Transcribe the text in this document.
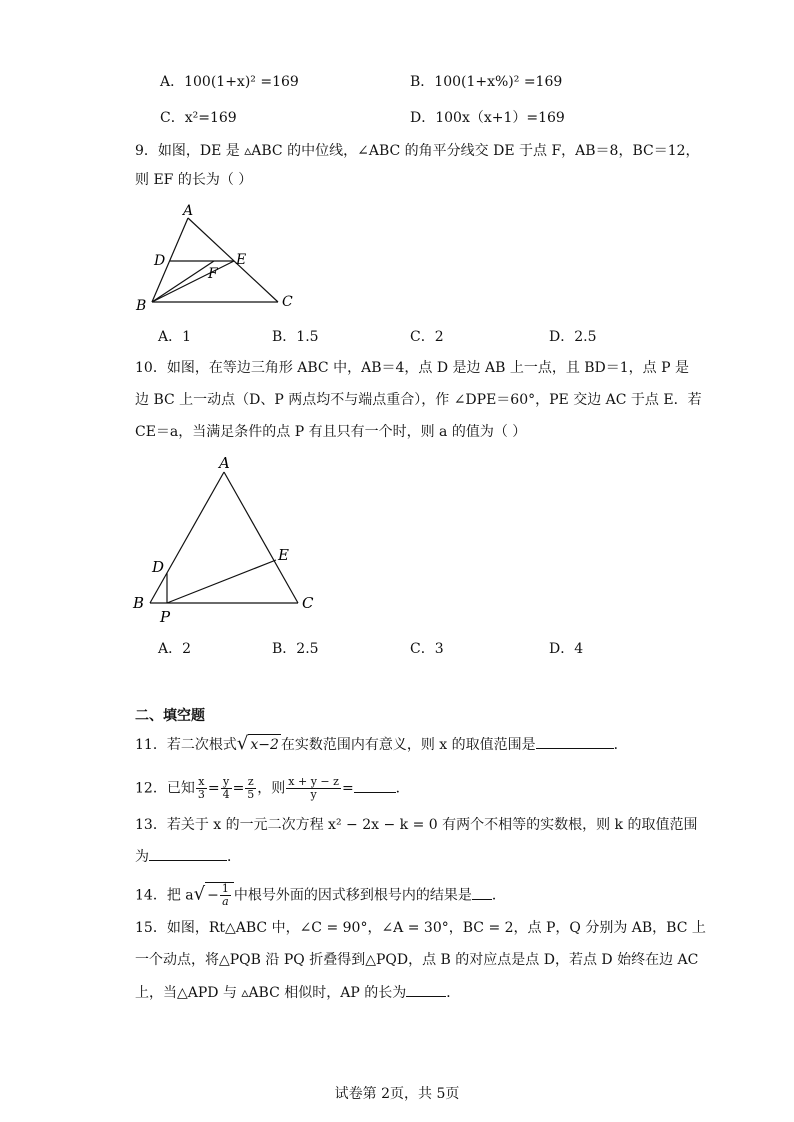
A．100(1+x)² =169	B．100(1+x%)² =169
C．x²=169	D．100x（x+1）=169
9．如图，DE 是 ▵ABC 的中位线，∠ABC 的角平分线交 DE 于点 F，AB＝8，BC＝12，
则 EF 的长为（ ）
A
D	E
F
B	C
A．1	B．1.5	C．2	D．2.5
10．如图，在等边三角形 ABC 中，AB＝4，点 D 是边 AB 上一点，且 BD＝1，点 P 是
边 BC 上一动点（D、P 两点均不与端点重合），作 ∠DPE＝60°，PE 交边 AC 于点 E．若
CE＝a，当满足条件的点 P 有且只有一个时，则 a 的值为（ ）
A
D
E
B
P
C
A．2	B．2.5	C．3	D．4
二、填空题
11．若二次根式√ x−2 在实数范围内有意义，则 x 的取值范围是	．
12．已知 $\frac{x}{3} = \frac{y}{4} = \frac{z}{5}$ ，则 $\frac{x + y - z}{y}$ =	．
13．若关于 x 的一元二次方程 x² − 2x − k = 0 有两个不相等的实数根，则 k 的取值范围
为	．
14．把 $a√ - \frac{1}{a}$ 中根号外面的因式移到根号内的结果是 ．
15．如图，Rt△ABC 中，∠C = 90°，∠A = 30°，BC = 2，点 P，Q 分别为 AB，BC 上
一个动点，将△PQB 沿 PQ 折叠得到△PQD，点 B 的对应点是点 D，若点 D 始终在边 AC
上，当△APD 与 ▵ABC 相似时，AP 的长为	．
试卷第 2页，共 5页
